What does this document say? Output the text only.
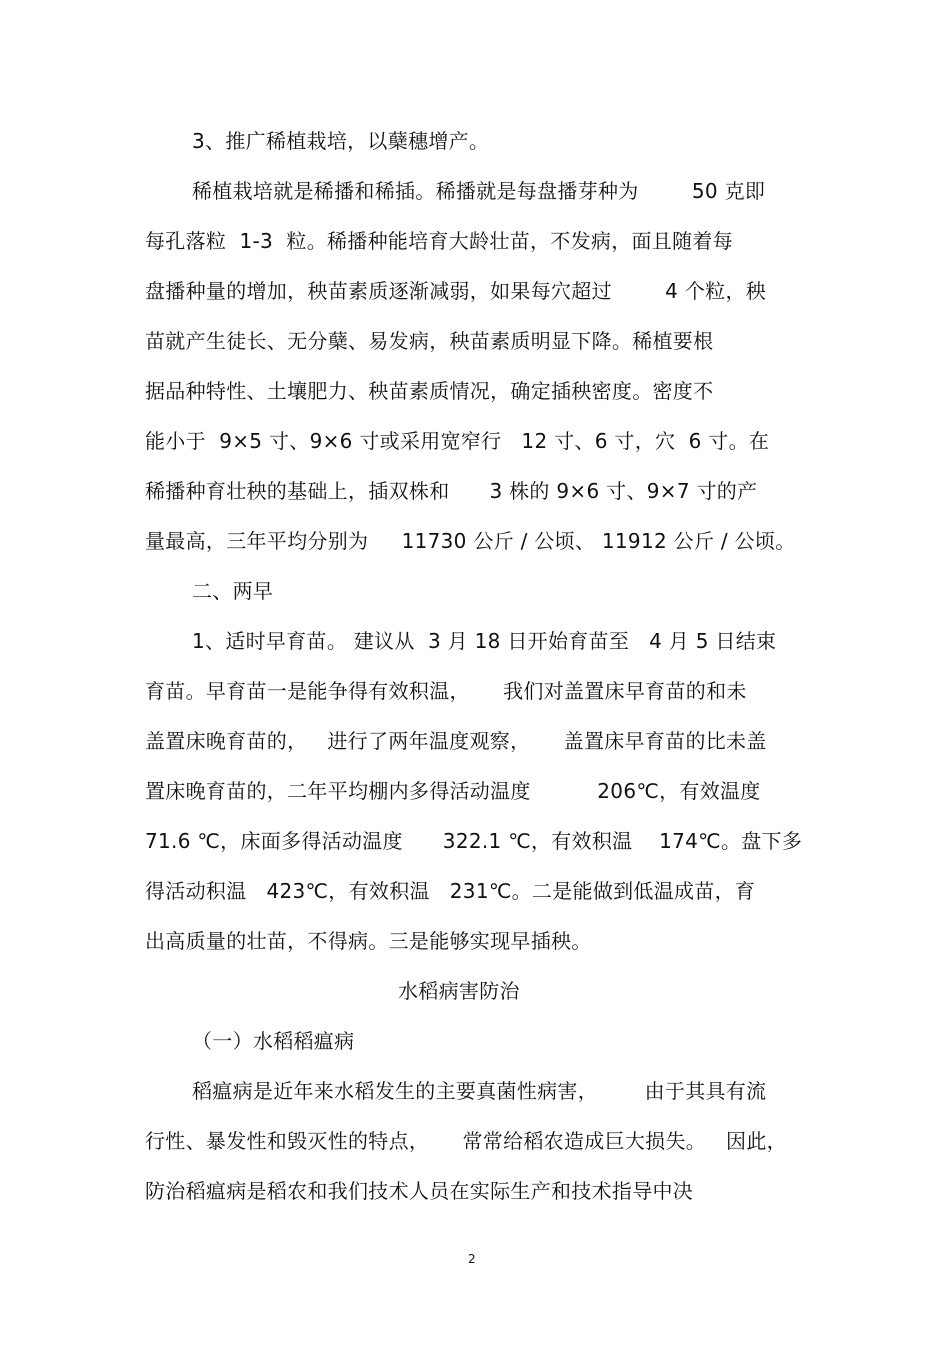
3、推广稀植栽培，以蘖穗增产。
稀植栽培就是稀播和稀插。稀播就是每盘播芽种为        50 克即
每孔落粒  1-3  粒。稀播种能培育大龄壮苗，不发病，面且随着每
盘播种量的增加，秧苗素质逐渐减弱，如果每穴超过        4 个粒，秧
苗就产生徒长、无分蘖、易发病，秧苗素质明显下降。稀植要根
据品种特性、土壤肥力、秧苗素质情况，确定插秧密度。密度不
能小于  9×5 寸、9×6 寸或采用宽窄行   12 寸、6 寸，穴  6 寸。在
稀播种育壮秧的基础上，插双株和      3 株的 9×6 寸、9×7 寸的产
量最高，三年平均分别为     11730 公斤 / 公顷、 11912 公斤 / 公顷。
二、两早
1、适时早育苗。 建议从  3 月 18 日开始育苗至   4 月 5 日结束
育苗。早育苗一是能争得有效积温，     我们对盖置床早育苗的和未
盖置床晚育苗的，   进行了两年温度观察，     盖置床早育苗的比未盖
置床晚育苗的，二年平均棚内多得活动温度          206℃，有效温度
71.6 ℃，床面多得活动温度      322.1 ℃，有效积温    174℃。盘下多
得活动积温   423℃，有效积温   231℃。二是能做到低温成苗，育
出高质量的壮苗，不得病。三是能够实现早插秧。
水稻病害防治
（一）水稻稻瘟病
稻瘟病是近年来水稻发生的主要真菌性病害，       由于其具有流
行性、暴发性和毁灭性的特点，     常常给稻农造成巨大损失。   因此，
防治稻瘟病是稻农和我们技术人员在实际生产和技术指导中决
2
